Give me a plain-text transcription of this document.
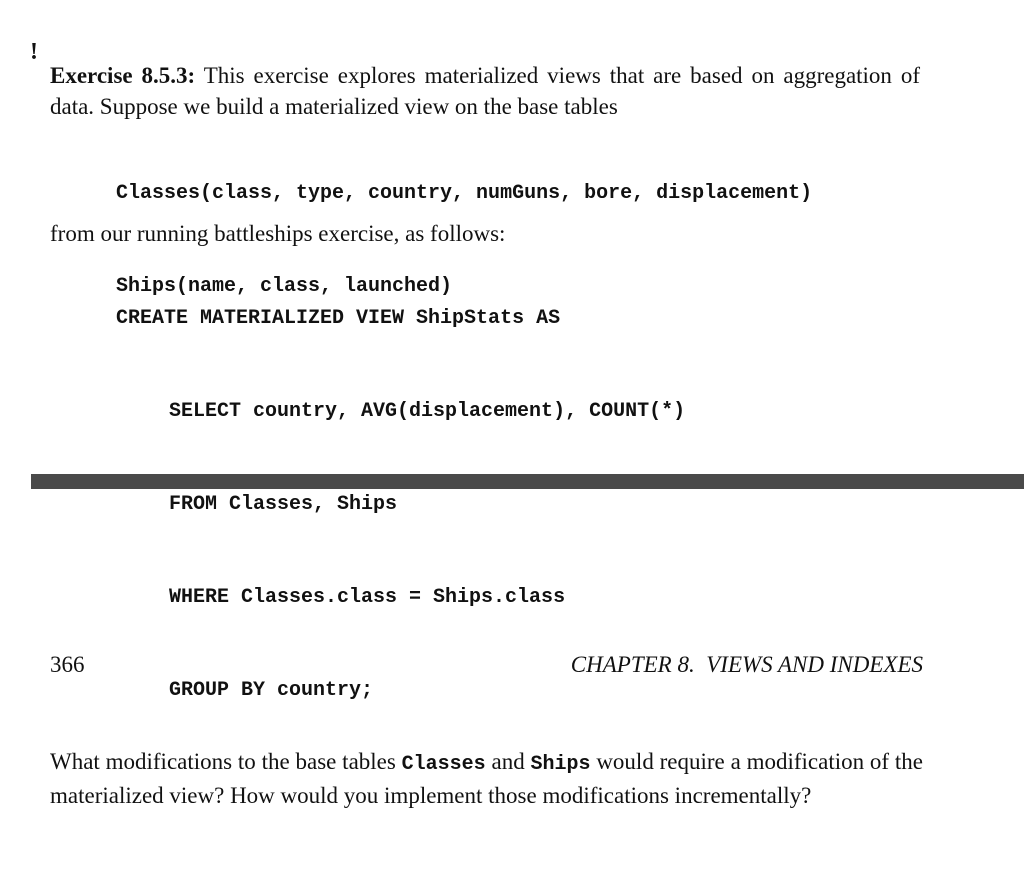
!

Exercise 8.5.3: This exercise explores materialized views that are based on aggregation of data. Suppose we build a materialized view on the base tables

Classes(class, type, country, numGuns, bore, displacement)

Ships(name, class, launched)

from our running battleships exercise, as follows:

CREATE MATERIALIZED VIEW ShipStats AS

SELECT country, AVG(displacement), COUNT(*)

FROM Classes, Ships

WHERE Classes.class = Ships.class

GROUP BY country;

366	CHAPTER 8.  VIEWS AND INDEXES

What modifications to the base tables Classes and Ships would require a modification of the materialized view? How would you implement those modifications incrementally?
